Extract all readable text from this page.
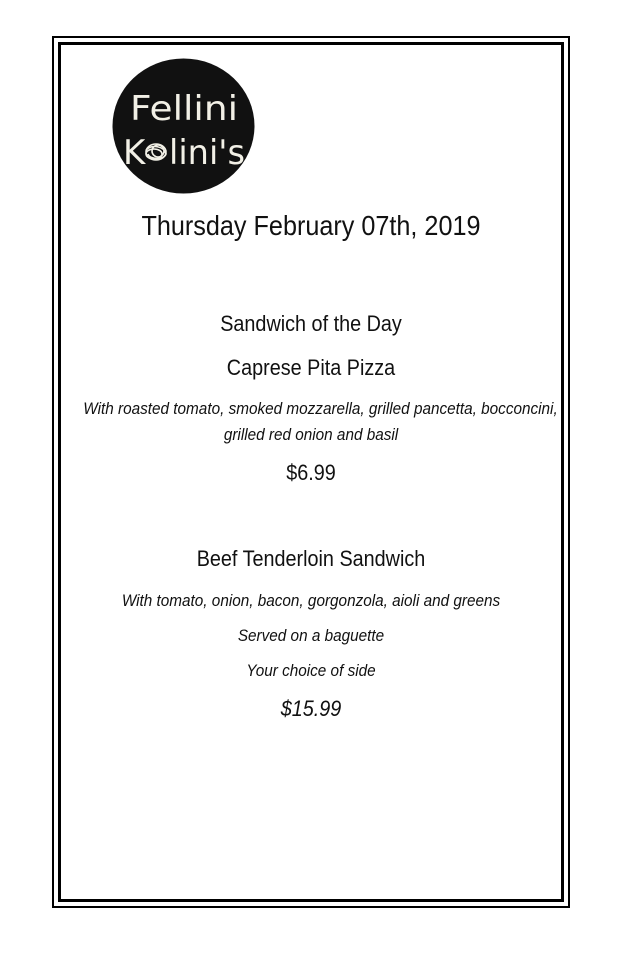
Fellini
K lini's
Thursday February 07th, 2019
Sandwich of the Day
Caprese Pita Pizza
With roasted tomato, smoked mozzarella, grilled pancetta, bocconcini,
grilled red onion and basil
$6.99
Beef Tenderloin Sandwich
With tomato, onion, bacon, gorgonzola, aioli and greens
Served on a baguette
Your choice of side
$15.99
